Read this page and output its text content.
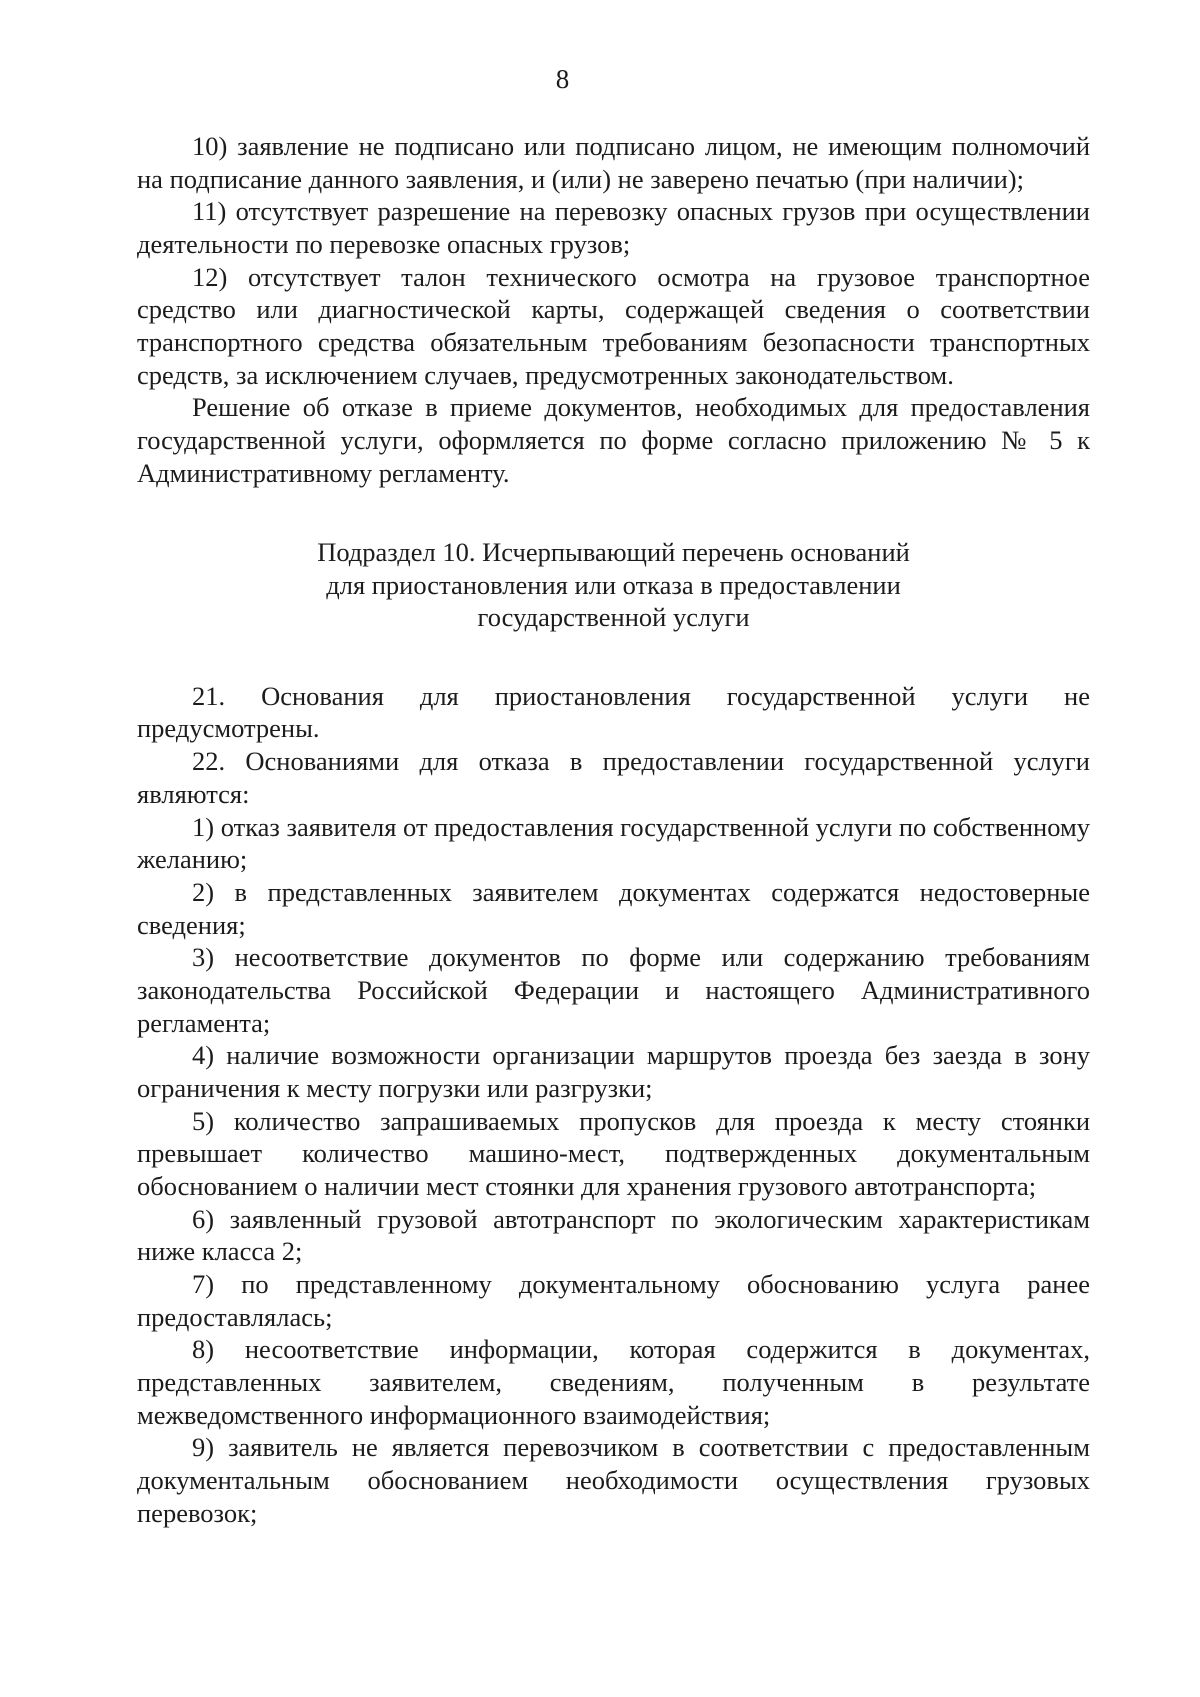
8

10) заявление не подписано или подписано лицом, не имеющим полномочий на подписание данного заявления, и (или) не заверено печатью (при наличии);

11) отсутствует разрешение на перевозку опасных грузов при осуществлении деятельности по перевозке опасных грузов;

12) отсутствует талон технического осмотра на грузовое транспортное средство или диагностической карты, содержащей сведения о соответствии транспортного средства обязательным требованиям безопасности транспортных средств, за исключением случаев, предусмотренных законодательством.

Решение об отказе в приеме документов, необходимых для предоставления государственной услуги, оформляется по форме согласно приложению № 5 к Административному регламенту.

Подраздел 10. Исчерпывающий перечень оснований
для приостановления или отказа в предоставлении
государственной услуги

21. Основания для приостановления государственной услуги не предусмотрены.

22. Основаниями для отказа в предоставлении государственной услуги являются:

1) отказ заявителя от предоставления государственной услуги по собственному желанию;

2) в представленных заявителем документах содержатся недостоверные сведения;

3) несоответствие документов по форме или содержанию требованиям законодательства Российской Федерации и настоящего Административного регламента;

4) наличие возможности организации маршрутов проезда без заезда в зону ограничения к месту погрузки или разгрузки;

5) количество запрашиваемых пропусков для проезда к месту стоянки превышает количество машино-мест, подтвержденных документальным обоснованием о наличии мест стоянки для хранения грузового автотранспорта;

6) заявленный грузовой автотранспорт по экологическим характеристикам ниже класса 2;

7) по представленному документальному обоснованию услуга ранее предоставлялась;

8) несоответствие информации, которая содержится в документах, представленных заявителем, сведениям, полученным в результате межведомственного информационного взаимодействия;

9) заявитель не является перевозчиком в соответствии с предоставленным документальным обоснованием необходимости осуществления грузовых перевозок;
